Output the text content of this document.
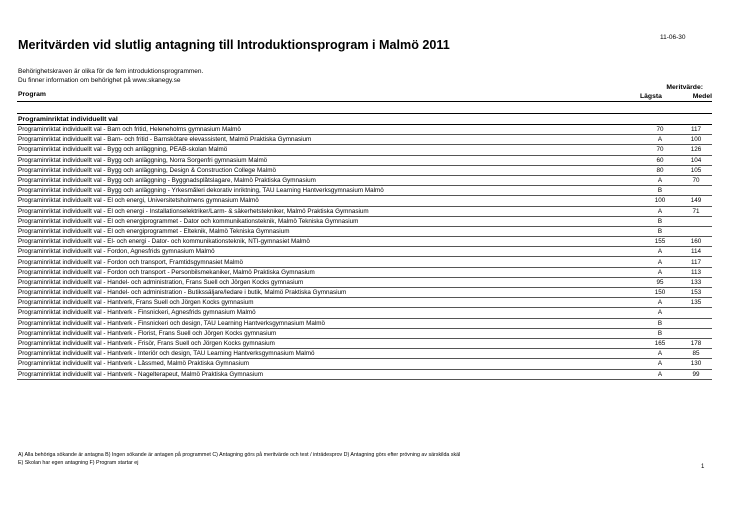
Meritvärden vid slutlig antagning till Introduktionsprogram i Malmö 2011
11-06-30
Behörighetskraven är olika för de fem introduktionsprogrammen.
Du finner information om behörighet på www.skanegy.se
Program
Meritvärde:
Lägsta	Medel
Programinriktat individuellt val
Programinriktat individuellt val - Barn och fritid, Heleneholms gymnasium Malmö	70	117
Programinriktat individuellt val - Barn- och fritid - Barnskötare elevassistent, Malmö Praktiska Gymnasium	A	100
Programinriktat individuellt val - Bygg och anläggning, PEAB-skolan Malmö	70	126
Programinriktat individuellt val - Bygg och anläggning, Norra Sorgenfri gymnasium Malmö	60	104
Programinriktat individuellt val - Bygg och anläggning, Design & Construction College Malmö	80	105
Programinriktat individuellt val - Bygg och anläggning - Byggnadsplåtslagare, Malmö Praktiska Gymnasium	A	70
Programinriktat individuellt val - Bygg och anläggning - Yrkesmåleri dekorativ inriktning, TAU Learning Hantverksgymnasium Malmö	B
Programinriktat individuellt val - El och energi, Universitetsholmens gymnasium Malmö	100	149
Programinriktat individuellt val - El och energi - Installationselektriker/Larm- & säkerhetstekniker, Malmö Praktiska Gymnasium	A	71
Programinriktat individuellt val - El och energiprogrammet - Dator och kommunikationsteknik, Malmö Tekniska Gymnasium	B
Programinriktat individuellt val - El och energiprogrammet - Elteknik, Malmö Tekniska Gymnasium	B
Programinriktat individuellt val - El- och energi - Dator- och kommunikationsteknik, NTI-gymnasiet Malmö	155	160
Programinriktat individuellt val - Fordon, Agnesfrids gymnasium Malmö	A	114
Programinriktat individuellt val - Fordon och transport, Framtidsgymnasiet Malmö	A	117
Programinriktat individuellt val - Fordon och transport - Personbilsmekaniker, Malmö Praktiska Gymnasium	A	113
Programinriktat individuellt val - Handel- och administration, Frans Suell och Jörgen Kocks gymnasium	95	133
Programinriktat individuellt val - Handel- och administration - Butikssäljare/ledare i butik, Malmö Praktiska Gymnasium	150	153
Programinriktat individuellt val - Hantverk, Frans Suell och Jörgen Kocks gymnasium	A	135
Programinriktat individuellt val - Hantverk - Finsnickeri, Agnesfrids gymnasium Malmö	A
Programinriktat individuellt val - Hantverk - Finsnickeri och design, TAU Learning Hantverksgymnasium Malmö	B
Programinriktat individuellt val - Hantverk - Florist, Frans Suell och Jörgen Kocks gymnasium	B
Programinriktat individuellt val - Hantverk - Frisör, Frans Suell och Jörgen Kocks gymnasium	165	178
Programinriktat individuellt val - Hantverk - Interiör och design, TAU Learning Hantverksgymnasium Malmö	A	85
Programinriktat individuellt val - Hantverk - Låssmed, Malmö Praktiska Gymnasium	A	130
Programinriktat individuellt val - Hantverk - Nagelterapeut, Malmö Praktiska Gymnasium	A	99
A) Alla behöriga sökande är antagna B) Ingen sökande är antagen på programmet C) Antagning görs på meritvärde och test / inträdesprov D) Antagning görs efter prövning av särskilda skäl
E) Skolan har egen antagning F) Program startar ej
1
